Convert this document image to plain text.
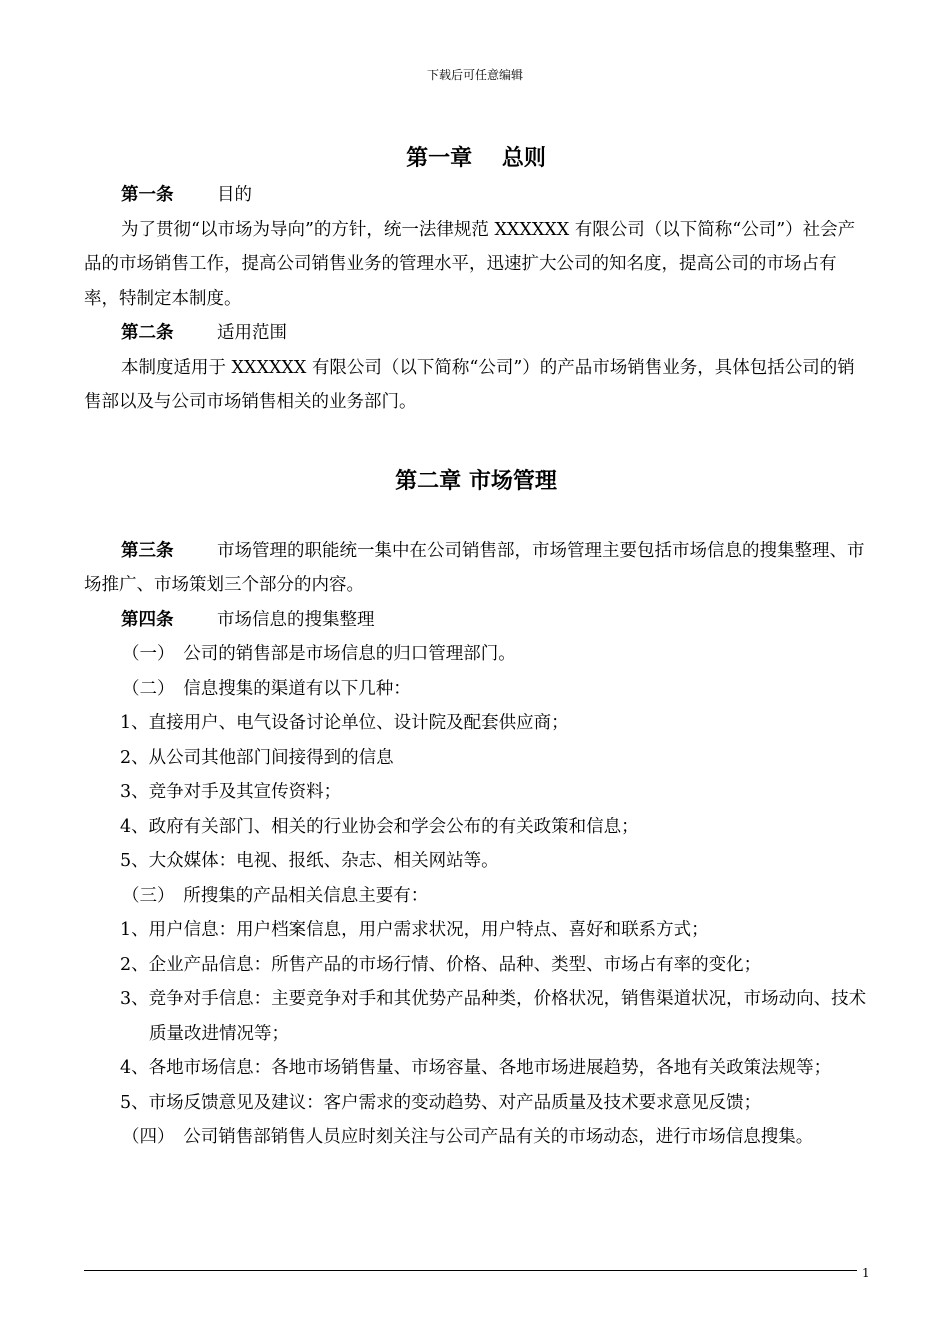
下载后可任意编辑
第一章　 总则

第一条 目的

为了贯彻“以市场为导向”的方针，统一法律规范 XXXXXX 有限公司（以下简称“公司”）社会产品的市场销售工作，提高公司销售业务的管理水平，迅速扩大公司的知名度，提高公司的市场占有率，特制定本制度。

第二条 适用范围

本制度适用于 XXXXXX 有限公司（以下简称“公司”）的产品市场销售业务，具体包括公司的销售部以及与公司市场销售相关的业务部门。

第二章 市场管理

第三条 市场管理的职能统一集中在公司销售部，市场管理主要包括市场信息的搜集整理、市场推广、市场策划三个部分的内容。

第四条 市场信息的搜集整理

（一）　公司的销售部是市场信息的归口管理部门。

（二）　信息搜集的渠道有以下几种：

1、直接用户、电气设备讨论单位、设计院及配套供应商；

2、从公司其他部门间接得到的信息

3、竞争对手及其宣传资料；

4、政府有关部门、相关的行业协会和学会公布的有关政策和信息；

5、大众媒体：电视、报纸、杂志、相关网站等。

（三）　所搜集的产品相关信息主要有：

1、用户信息：用户档案信息，用户需求状况，用户特点、喜好和联系方式；

2、企业产品信息：所售产品的市场行情、价格、品种、类型、市场占有率的变化；

3、竞争对手信息：主要竞争对手和其优势产品种类，价格状况，销售渠道状况，市场动向、技术质量改进情况等；

4、各地市场信息：各地市场销售量、市场容量、各地市场进展趋势，各地有关政策法规等；

5、市场反馈意见及建议：客户需求的变动趋势、对产品质量及技术要求意见反馈；

（四）　公司销售部销售人员应时刻关注与公司产品有关的市场动态，进行市场信息搜集。

1
